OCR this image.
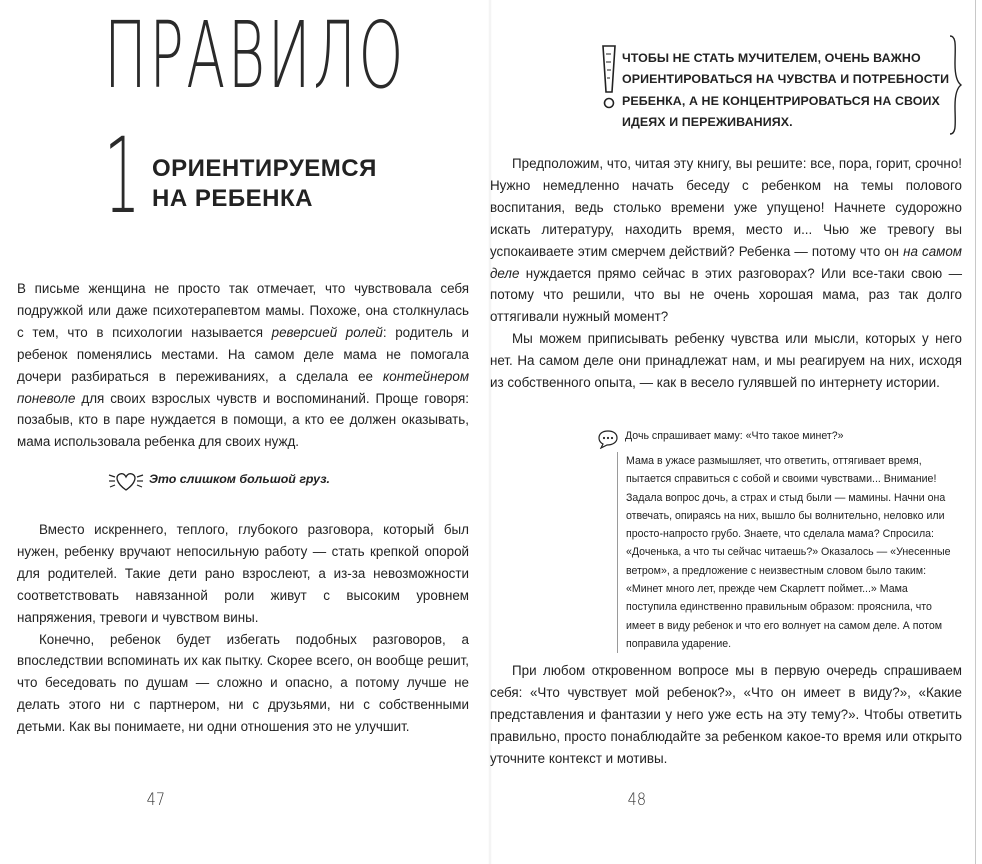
ПРАВИЛО
1 ОРИЕНТИРУЕМСЯ
НА РЕБЕНКА

В письме женщина не просто так отмечает, что чувствовала себя подружкой или даже психотерапевтом мамы. Похоже, она столкнулась с тем, что в психологии называется реверсией ролей: родитель и ребенок поменялись местами. На самом деле мама не помогала дочери разбираться в переживаниях, а сделала ее контейнером поневоле для своих взрослых чувств и воспоминаний. Проще говоря: позабыв, кто в паре нуждается в помощи, а кто ее должен оказывать, мама использовала ребенка для своих нужд.

Это слишком большой груз.

Вместо искреннего, теплого, глубокого разговора, который был нужен, ребенку вручают непосильную работу — стать крепкой опорой для родителей. Такие дети рано взрослеют, а из-за невозможности соответствовать навязанной роли живут с высоким уровнем напряжения, тревоги и чувством вины.

Конечно, ребенок будет избегать подобных разговоров, а впоследствии вспоминать их как пытку. Скорее всего, он вообще решит, что беседовать по душам — сложно и опасно, а потому лучше не делать этого ни с партнером, ни с друзьями, ни с собственными детьми. Как вы понимаете, ни одни отношения это не улучшит.

47
ЧТОБЫ НЕ СТАТЬ МУЧИТЕЛЕМ, ОЧЕНЬ ВАЖНО
ОРИЕНТИРОВАТЬСЯ НА ЧУВСТВА И ПОТРЕБНОСТИ
РЕБЕНКА, А НЕ КОНЦЕНТРИРОВАТЬСЯ НА СВОИХ
ИДЕЯХ И ПЕРЕЖИВАНИЯХ.

Предположим, что, читая эту книгу, вы решите: все, пора, горит, срочно! Нужно немедленно начать беседу с ребенком на темы полового воспитания, ведь столько времени уже упущено! Начнете судорожно искать литературу, находить время, место и... Чью же тревогу вы успокаиваете этим смерчем действий? Ребенка — потому что он на самом деле нуждается прямо сейчас в этих разговорах? Или все-таки свою — потому что решили, что вы не очень хорошая мама, раз так долго оттягивали нужный момент?

Мы можем приписывать ребенку чувства или мысли, которых у него нет. На самом деле они принадлежат нам, и мы реагируем на них, исходя из собственного опыта, — как в весело гулявшей по интернету истории.

Дочь спрашивает маму: «Что такое минет?»
Мама в ужасе размышляет, что ответить, оттягивает время,
пытается справиться с собой и своими чувствами... Внимание!
Задала вопрос дочь, а страх и стыд были — мамины. Начни она
отвечать, опираясь на них, вышло бы волнительно, неловко или
просто-напросто грубо. Знаете, что сделала мама? Спросила:
«Доченька, а что ты сейчас читаешь?» Оказалось — «Унесенные
ветром», а предложение с неизвестным словом было таким:
«Минет много лет, прежде чем Скарлетт поймет...» Мама
поступила единственно правильным образом: прояснила, что
имеет в виду ребенок и что его волнует на самом деле. А потом
поправила ударение.

При любом откровенном вопросе мы в первую очередь спрашиваем себя: «Что чувствует мой ребенок?», «Что он имеет в виду?», «Какие представления и фантазии у него уже есть на эту тему?». Чтобы ответить правильно, просто понаблюдайте за ребенком какое-то время или открыто уточните контекст и мотивы.

48
